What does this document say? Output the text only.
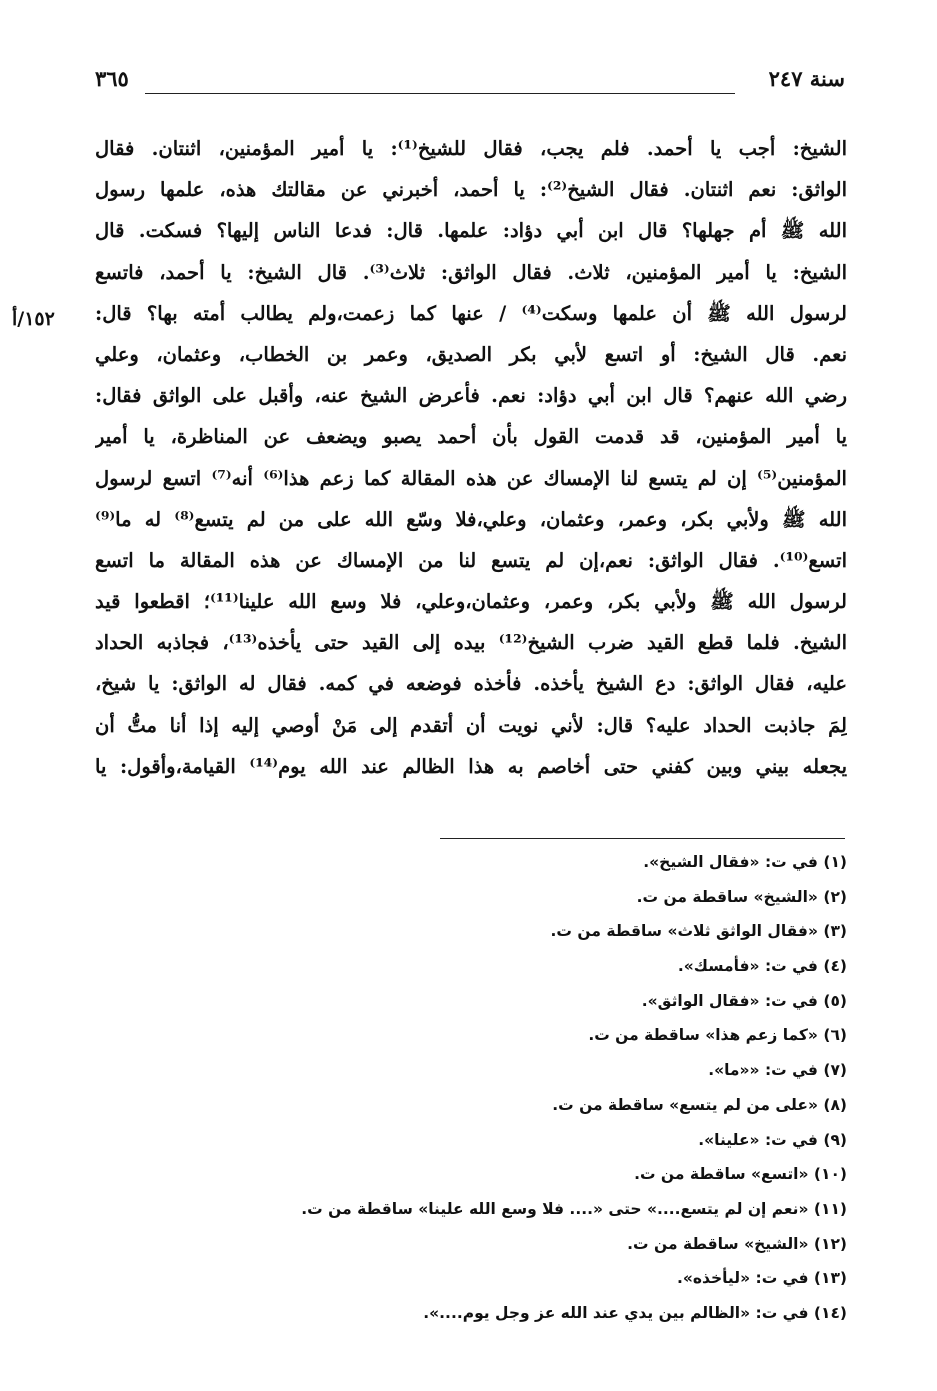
سنة ٢٤٧
٣٦٥
١٥٢/أ
الشيخ: أجب يا أحمد. فلم يجب، فقال للشيخ⁽¹⁾: يا أمير المؤمنين، اثنتان. فقال
الواثق: نعم اثنتان. فقال الشيخ⁽²⁾: يا أحمد، أخبرني عن مقالتك هذه، علمها رسول
الله ﷺ أم جهلها؟ قال ابن أبي دؤاد: علمها. قال: فدعا الناس إليها؟ فسكت. قال
الشيخ: يا أمير المؤمنين، ثلاث. فقال الواثق: ثلاث⁽³⁾. قال الشيخ: يا أحمد، فاتسع
لرسول الله ﷺ أن علمها وسكت⁽⁴⁾ / عنها كما زعمت،ولم يطالب أمته بها؟ قال:
نعم. قال الشيخ: أو اتسع لأبي بكر الصديق، وعمر بن الخطاب، وعثمان، وعلي
رضي الله عنهم؟ قال ابن أبي دؤاد: نعم. فأعرض الشيخ عنه، وأقبل على الواثق فقال:
يا أمير المؤمنين، قد قدمت القول بأن أحمد يصبو ويضعف عن المناظرة، يا أمير
المؤمنين⁽⁵⁾ إن لم يتسع لنا الإمساك عن هذه المقالة كما زعم هذا⁽⁶⁾ أنه⁽⁷⁾ اتسع لرسول
الله ﷺ ولأبي بكر، وعمر، وعثمان، وعلي،فلا وسّع الله على من لم يتسع⁽⁸⁾ له ما⁽⁹⁾
اتسع⁽¹⁰⁾. فقال الواثق: نعم،إن لم يتسع لنا من الإمساك عن هذه المقالة ما اتسع
لرسول الله ﷺ ولأبي بكر، وعمر، وعثمان،وعلي، فلا وسع الله علينا⁽¹¹⁾؛ اقطعوا قيد
الشيخ. فلما قطع القيد ضرب الشيخ⁽¹²⁾ بيده إلى القيد حتى يأخذه⁽¹³⁾، فجاذبه الحداد
عليه، فقال الواثق: دع الشيخ يأخذه. فأخذه فوضعه في كمه. فقال له الواثق: يا شيخ،
لِمَ جاذبت الحداد عليه؟ قال: لأني نويت أن أتقدم إلى مَنْ أوصي إليه إذا أنا متُّ أن
يجعله بيني وبين كفني حتى أخاصم به هذا الظالم عند الله يوم⁽¹⁴⁾ القيامة،وأقول: يا
(١) في ت: «فقال الشيخ».
(٢) «الشيخ» ساقطة من ت.
(٣) «فقال الواثق ثلاث» ساقطة من ت.
(٤) في ت: «فأمسك».
(٥) في ت: «فقال الواثق».
(٦) «كما زعم هذا» ساقطة من ت.
(٧) في ت: ««ما».
(٨) «على من لم يتسع» ساقطة من ت.
(٩) في ت: «علينا».
(١٠) «اتسع» ساقطة من ت.
(١١) «نعم إن لم يتسع....» حتى «.... فلا وسع الله علينا» ساقطة من ت.
(١٢) «الشيخ» ساقطة من ت.
(١٣) في ت: «ليأخذه».
(١٤) في ت: «الظالم بين يدي عند الله عز وجل يوم....».
